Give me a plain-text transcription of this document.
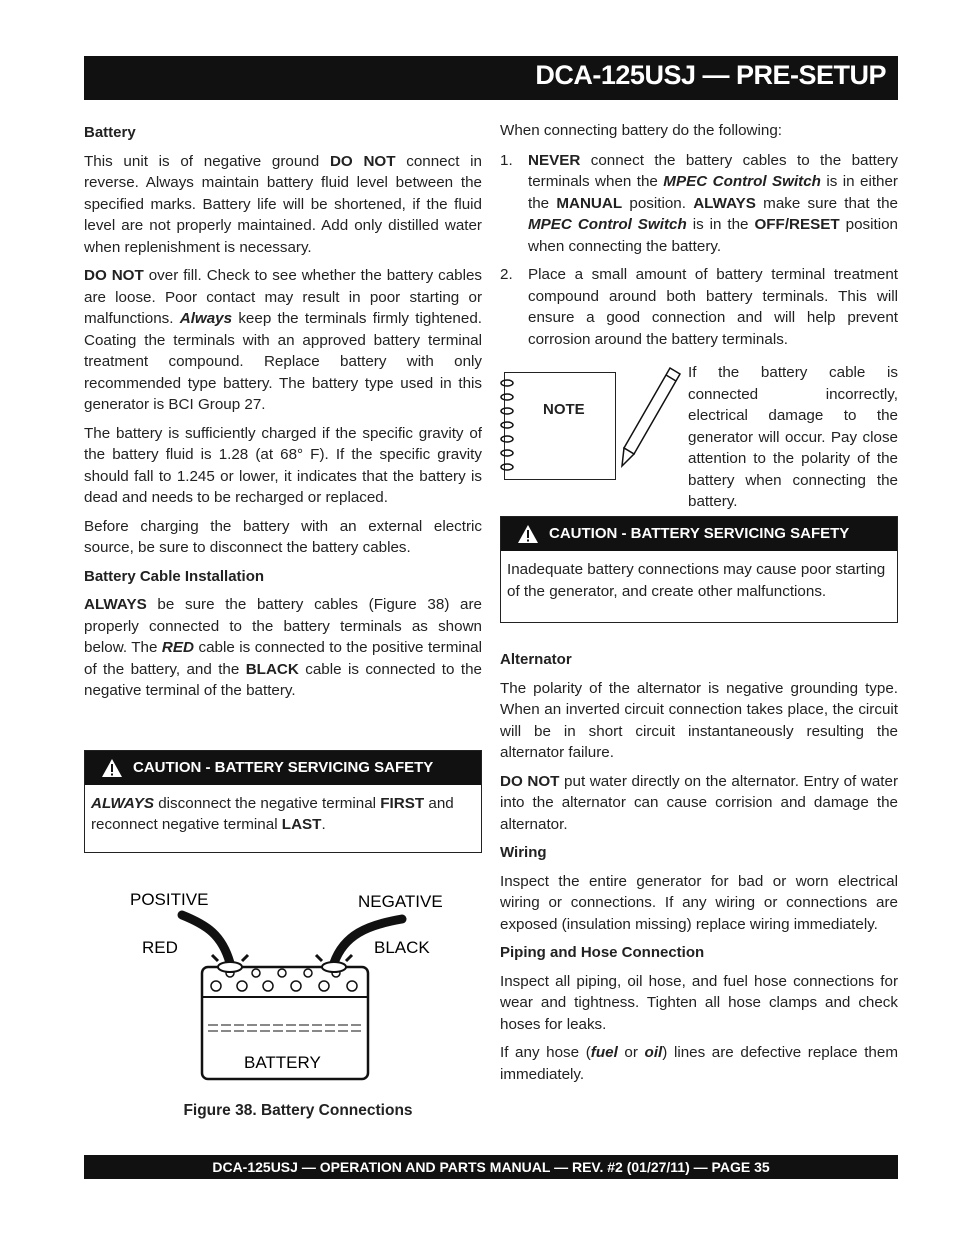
DCA-125USJ — PRE-SETUP
Battery

This unit is of negative ground DO NOT connect in reverse. Always maintain battery fluid level between the specified marks. Battery life will be shortened, if the fluid level are not properly maintained. Add only distilled water when replenishment is necessary.

DO NOT over fill. Check to see whether the battery cables are loose. Poor contact may result in poor starting or malfunctions. Always keep the terminals firmly tightened. Coating the terminals with an approved battery terminal treatment compound. Replace battery with only recommended type battery. The battery type used in this generator is BCI Group 27.

The battery is sufficiently charged if the specific gravity of the battery fluid is 1.28 (at 68° F). If the specific gravity should fall to 1.245 or lower, it indicates that the battery is dead and needs to be recharged or replaced.

Before charging the battery with an external electric source, be sure to disconnect the battery cables.

Battery Cable Installation

ALWAYS be sure the battery cables (Figure 38) are properly connected to the battery terminals as shown below. The RED cable is connected to the positive terminal of the battery, and the BLACK cable is connected to the negative terminal of the battery.

CAUTION - BATTERY SERVICING SAFETY
ALWAYS disconnect the negative terminal FIRST and reconnect negative terminal LAST.
POSITIVE	NEGATIVE
RED	BLACK
BATTERY
Figure 38. Battery Connections

When connecting battery do the following:

1. NEVER connect the battery cables to the battery terminals when the MPEC Control Switch is in either the MANUAL position. ALWAYS make sure that the MPEC Control Switch is in the OFF/RESET position when connecting the battery.
2. Place a small amount of battery terminal treatment compound around both battery terminals. This will ensure a good connection and will help prevent corrosion around the battery terminals.
NOTE
If the battery cable is connected incorrectly, electrical damage to the generator will occur. Pay close attention to the polarity of the battery when connecting the battery.
CAUTION - BATTERY SERVICING SAFETY
Inadequate battery connections may cause poor starting of the generator, and create other malfunctions.
Alternator

The polarity of the alternator is negative grounding type. When an inverted circuit connection takes place, the circuit will be in short circuit instantaneously resulting the alternator failure.

DO NOT put water directly on the alternator. Entry of water into the alternator can cause corrision and damage the alternator.

Wiring

Inspect the entire generator for bad or worn electrical wiring or connections. If any wiring or connections are exposed (insulation missing) replace wiring immediately.

Piping and Hose Connection

Inspect all piping, oil hose, and fuel hose connections for wear and tightness. Tighten all hose clamps and check hoses for leaks.

If any hose (fuel or oil) lines are defective replace them immediately.

DCA-125USJ — OPERATION AND PARTS MANUAL — REV. #2 (01/27/11) — PAGE 35
